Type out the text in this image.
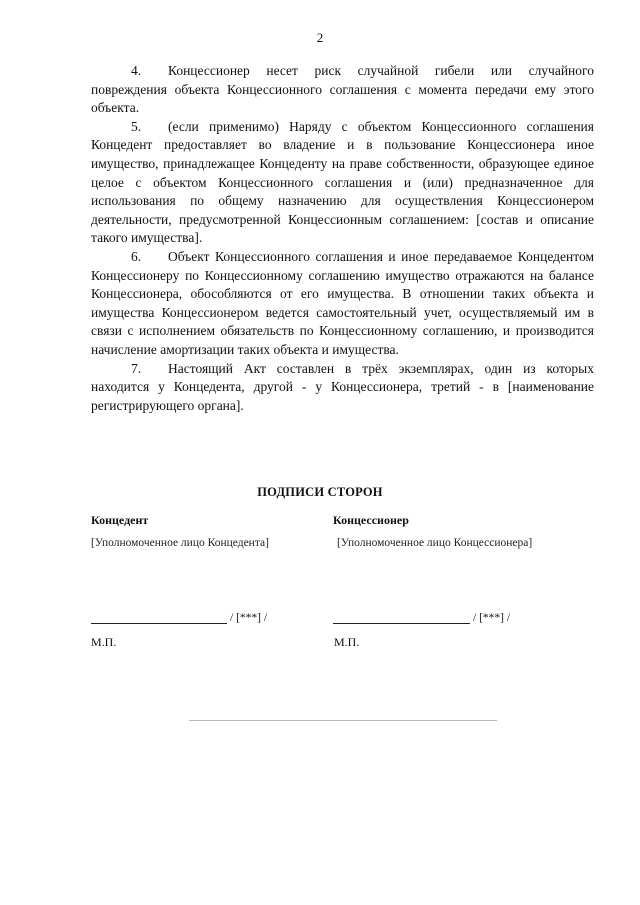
2

4. Концессионер несет риск случайной гибели или случайного повреждения объекта Концессионного соглашения с момента передачи ему этого объекта.

5. (если применимо) Наряду с объектом Концессионного соглашения Концедент предоставляет во владение и в пользование Концессионера иное имущество, принадлежащее Концеденту на праве собственности, образующее единое целое с объектом Концессионного соглашения и (или) предназначенное для использования по общему назначению для осуществления Концессионером деятельности, предусмотренной Концессионным соглашением: [состав и описание такого имущества].

6. Объект Концессионного соглашения и иное передаваемое Концедентом Концессионеру по Концессионному соглашению имущество отражаются на балансе Концессионера, обособляются от его имущества. В отношении таких объекта и имущества Концессионером ведется самостоятельный учет, осуществляемый им в связи с исполнением обязательств по Концессионному соглашению, и производится начисление амортизации таких объекта и имущества.

7. Настоящий Акт составлен в трёх экземплярах, один из которых находится у Концедента, другой - у Концессионера, третий - в [наименование регистрирующего органа].

ПОДПИСИ СТОРОН

Концедент	Концессионер

[Уполномоченное лицо Концедента]	[Уполномоченное лицо Концессионера]

/ [***] /	/ [***] /
М.П.	М.П.
